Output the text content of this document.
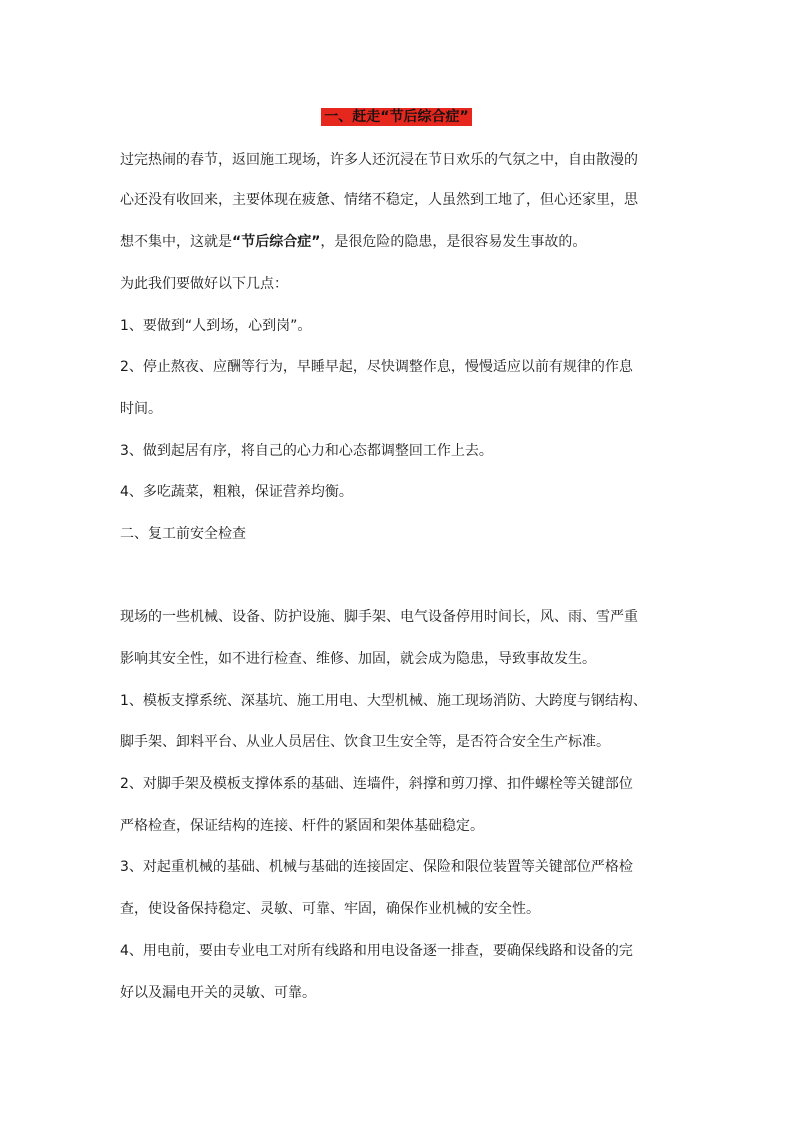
一、赶走“节后综合症”
过完热闹的春节，返回施工现场，许多人还沉浸在节日欢乐的气氛之中，自由散漫的
心还没有收回来，主要体现在疲惫、情绪不稳定，人虽然到工地了，但心还家里，思
想不集中，这就是“节后综合症”，是很危险的隐患，是很容易发生事故的。
为此我们要做好以下几点：
1、要做到“人到场，心到岗”。
2、停止熬夜、应酬等行为，早睡早起，尽快调整作息，慢慢适应以前有规律的作息
时间。
3、做到起居有序，将自己的心力和心态都调整回工作上去。
4、多吃蔬菜，粗粮，保证营养均衡。
二、复工前安全检查
现场的一些机械、设备、防护设施、脚手架、电气设备停用时间长，风、雨、雪严重
影响其安全性，如不进行检查、维修、加固，就会成为隐患，导致事故发生。
1、模板支撑系统、深基坑、施工用电、大型机械、施工现场消防、大跨度与钢结构、
脚手架、卸料平台、从业人员居住、饮食卫生安全等，是否符合安全生产标准。
2、对脚手架及模板支撑体系的基础、连墙件，斜撑和剪刀撑、扣件螺栓等关键部位
严格检查，保证结构的连接、杆件的紧固和架体基础稳定。
3、对起重机械的基础、机械与基础的连接固定、保险和限位装置等关键部位严格检
查，使设备保持稳定、灵敏、可靠、牢固，确保作业机械的安全性。
4、用电前，要由专业电工对所有线路和用电设备逐一排查，要确保线路和设备的完
好以及漏电开关的灵敏、可靠。
